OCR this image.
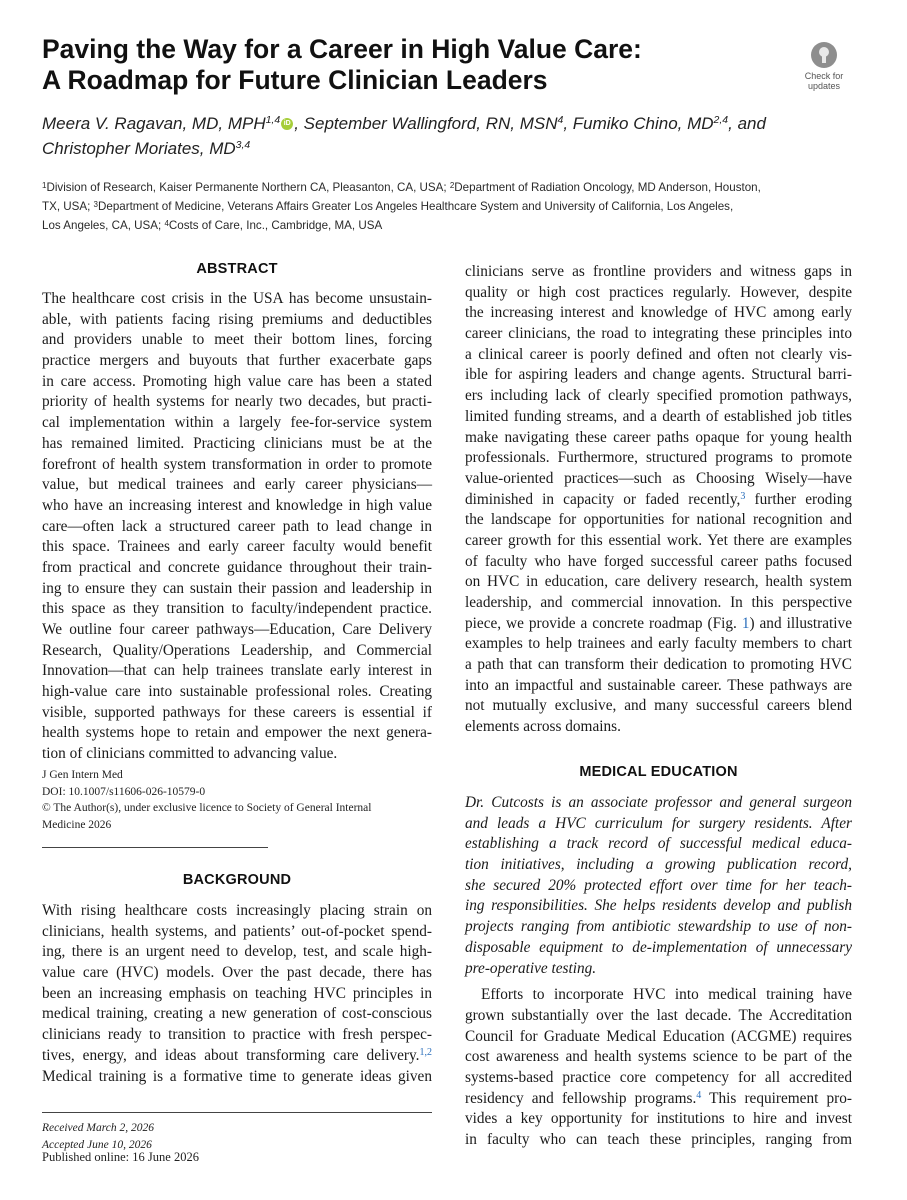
Paving the Way for a Career in High Value Care:
A Roadmap for Future Clinician Leaders	Check for
updates
Meera V. Ragavan, MD, MPH$^{1,4}$ iD , September Wallingford, RN, MSN$^4$, Fumiko Chino, MD$^{2,4}$, and
Christopher Moriates, MD$^{3,4}$
$^1$Division of Research, Kaiser Permanente Northern CA, Pleasanton, CA, USA; $^2$Department of Radiation Oncology, MD Anderson, Houston,
TX, USA; $^3$Department of Medicine, Veterans Affairs Greater Los Angeles Healthcare System and University of California, Los Angeles,
Los Angeles, CA, USA; $^4$Costs of Care, Inc., Cambridge, MA, USA
ABSTRACT
The healthcare cost crisis in the USA has become unsustain-
able, with patients facing rising premiums and deductibles
and providers unable to meet their bottom lines, forcing
practice mergers and buyouts that further exacerbate gaps
in care access. Promoting high value care has been a stated
priority of health systems for nearly two decades, but practi-
cal implementation within a largely fee-for-service system
has remained limited. Practicing clinicians must be at the
forefront of health system transformation in order to promote
value, but medical trainees and early career physicians—
who have an increasing interest and knowledge in high value
care—often lack a structured career path to lead change in
this space. Trainees and early career faculty would benefit
from practical and concrete guidance throughout their train-
ing to ensure they can sustain their passion and leadership in
this space as they transition to faculty/independent practice.
We outline four career pathways—Education, Care Delivery
Research, Quality/Operations Leadership, and Commercial
Innovation—that can help trainees translate early interest in
high-value care into sustainable professional roles. Creating
visible, supported pathways for these careers is essential if
health systems hope to retain and empower the next genera-
tion of clinicians committed to advancing value.
J Gen Intern Med
DOI: 10.1007/s11606-026-10579-0
© The Author(s), under exclusive licence to Society of General Internal
Medicine 2026
BACKGROUND
With rising healthcare costs increasingly placing strain on
clinicians, health systems, and patients’ out-of-pocket spend-
ing, there is an urgent need to develop, test, and scale high-
value care (HVC) models. Over the past decade, there has
been an increasing emphasis on teaching HVC principles in
medical training, creating a new generation of cost-conscious
clinicians ready to transition to practice with fresh perspec-
tives, energy, and ideas about transforming care delivery.$^{1,2}$
Medical training is a formative time to generate ideas given
Received March 2, 2026
Accepted June 10, 2026
Published online: 16 June 2026
clinicians serve as frontline providers and witness gaps in
quality or high cost practices regularly. However, despite
the increasing interest and knowledge of HVC among early
career clinicians, the road to integrating these principles into
a clinical career is poorly defined and often not clearly vis-
ible for aspiring leaders and change agents. Structural barri-
ers including lack of clearly specified promotion pathways,
limited funding streams, and a dearth of established job titles
make navigating these career paths opaque for young health
professionals. Furthermore, structured programs to promote
value-oriented practices—such as Choosing Wisely—have
diminished in capacity or faded recently,$^3$ further eroding
the landscape for opportunities for national recognition and
career growth for this essential work. Yet there are examples
of faculty who have forged successful career paths focused
on HVC in education, care delivery research, health system
leadership, and commercial innovation. In this perspective
piece, we provide a concrete roadmap (Fig. 1) and illustrative
examples to help trainees and early faculty members to chart
a path that can transform their dedication to promoting HVC
into an impactful and sustainable career. These pathways are
not mutually exclusive, and many successful careers blend
elements across domains.
MEDICAL EDUCATION
Dr. Cutcosts is an associate professor and general surgeon
and leads a HVC curriculum for surgery residents. After
establishing a track record of successful medical educa-
tion initiatives, including a growing publication record,
she secured 20% protected effort over time for her teach-
ing responsibilities. She helps residents develop and publish
projects ranging from antibiotic stewardship to use of non-
disposable equipment to de-implementation of unnecessary
pre-operative testing.
Efforts to incorporate HVC into medical training have
grown substantially over the last decade. The Accreditation
Council for Graduate Medical Education (ACGME) requires
cost awareness and health systems science to be part of the
systems-based practice core competency for all accredited
residency and fellowship programs.$^4$ This requirement pro-
vides a key opportunity for institutions to hire and invest
in faculty who can teach these principles, ranging from
